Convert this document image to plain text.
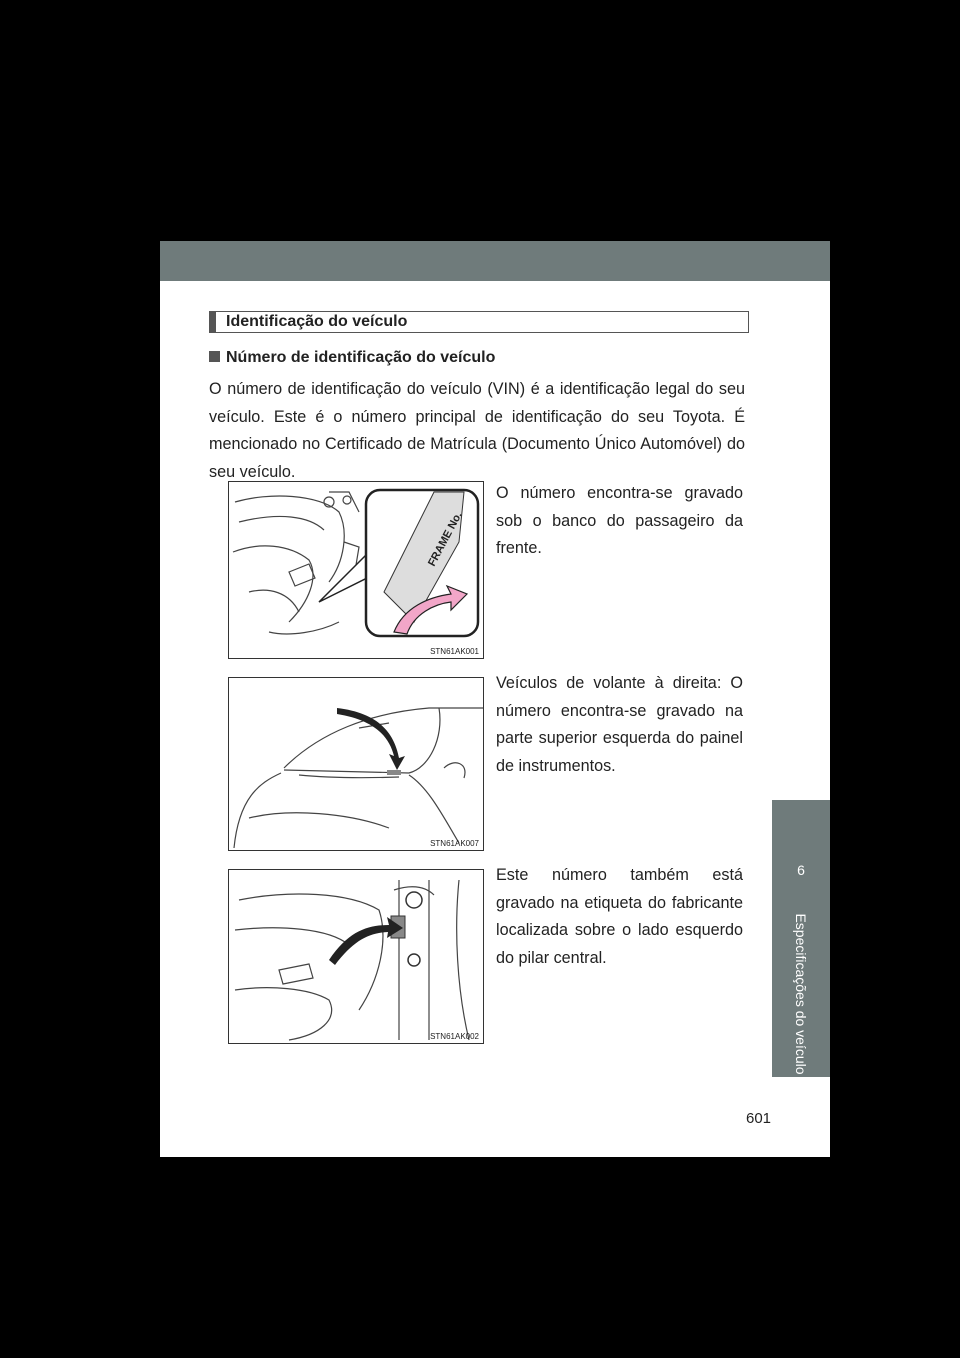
6
Especificações do veículo
Identificação do veículo
Número de identificação do veículo
O número de identificação do veículo (VIN) é a identificação legal do seu veículo. Este é o número principal de identificação do seu Toyota. É mencionado no Certificado de Matrícula (Documento Único Automóvel) do seu veículo.
FRAME No.
STN61AK001
O número encontra-se gravado sob o banco do passageiro da frente.
STN61AK007
Veículos de volante à direita: O número encontra-se gravado na parte superior esquerda do painel de instrumentos.
STN61AK002
Este número também está gravado na etiqueta do fabricante localizada sobre o lado esquerdo do pilar central.
601
